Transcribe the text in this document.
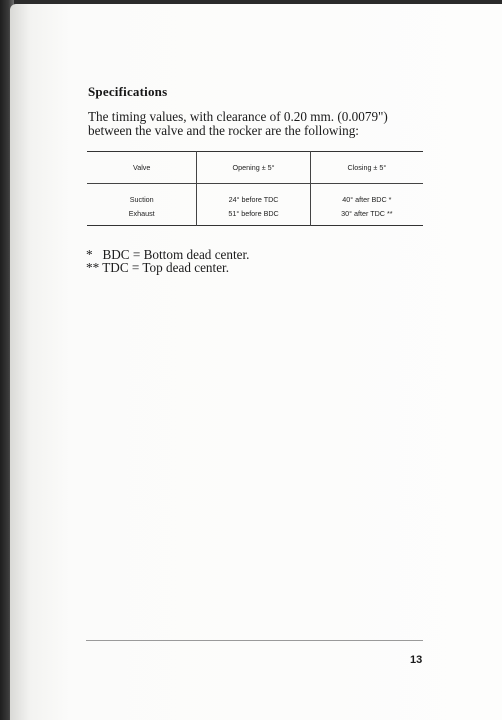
Specifications
The timing values, with clearance of 0.20 mm. (0.0079")
between the valve and the rocker are the following:
Valve	Opening ± 5°	Closing ± 5°
Suction	24° before TDC	40° after BDC *
Exhaust	51° before BDC	30° after TDC **
* BDC = Bottom dead center.
** TDC = Top dead center.
13
